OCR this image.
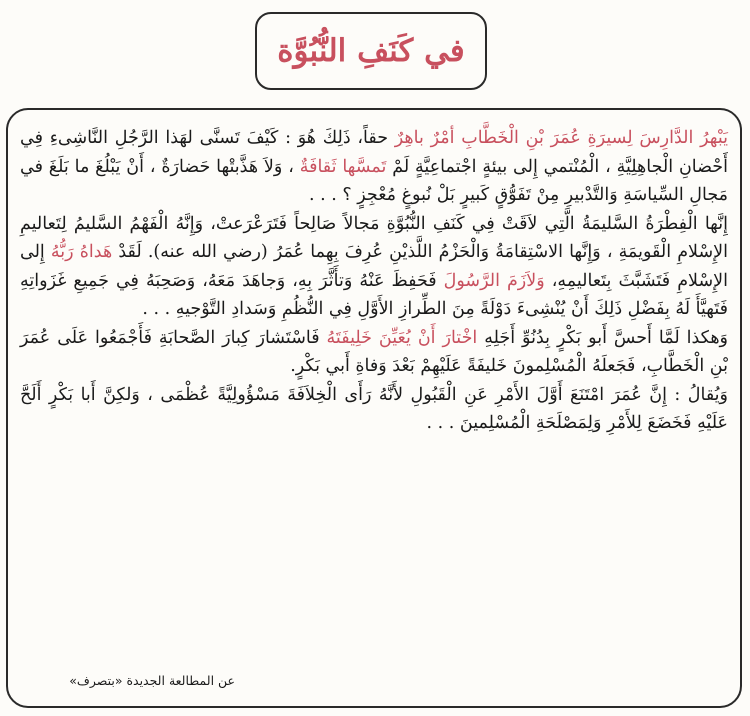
في كَنَفِ النُّبُوَّة

يَبْهرُ الدَّارِسَ لِسيرَةِ عُمَرَ بْنِ الْخَطَّابِ أمْرٌ باهِرٌ حقاً، ذَلِكَ هُوَ : كَيْفَ تَسنَّى لهَذا الرَّجُلِ النَّاشِىءِ فِي أَحْضانِ الْجاهِلِيَّةِ ، الْمُنْتمي إِلى بيئةٍ اجْتماعِيَّةٍ لَمْ تَمسَّها ثَقافَةٌ ، وَلاَ هَذَّبتْها حَضارَةٌ ، أَنْ يَبْلُغَ ما بَلَغَ في مَجالِ السِّياسَةِ وَالتَّدْبيرِ مِنْ تَفَوُّقٍ كَبيرٍ بَلْ نُبوغٍ مُعْجِزٍ ؟ . . .

إِنَّها الْفِطْرَةُ السَّليمَةُ الَّتِي لاَقَتْ فِي كَنَفِ النُّبُوَّةِ مَجالاً صَالِحاً فَتَرَعْرَعتْ، وَإِنَّهُ الْفَهْمُ السَّليمُ لِتَعاليمِ الإِسْلامِ الْقَويمَةِ ، وَإِنَّها الاسْتِقامَةُ وَالْحَزْمُ اللَّذيْنِ عُرِفَ بِهِما عُمَرُ (رضي الله عنه). لَقَدْ هَداهُ رَبُّهُ إِلى الإِسْلامِ فَتَشَبَّثَ بِتَعاليمِهِ، وَلاَزَمَ الرَّسُولَ فَحَفِظَ عَنْهُ وَتأَثَّرَ بِهِ، وَجاهَدَ مَعَهُ، وَصَحِبَهُ فِي جَمِيعِ غَزَواتِهِ فَتَهيَّأَ لَهُ بِفَضْلِ ذَلِكَ أَنْ يُنْشِىءَ دَوْلَةً مِنَ الطِّرازِ الأَوَّلِ فِي النُّظُمِ وَسَدادِ التَّوْجيهِ . . .

وَهكذا لَمَّا أَحسَّ أَبو بَكْرٍ بِدُنُوِّ أَجَلِهِ اخْتارَ أَنْ يُعَيِّنَ خَلِيفَتَهُ فَاسْتَشارَ كِبارَ الصَّحابَةِ فَأَجْمَعُوا عَلَى عُمَرَ بْنِ الْخَطَّابِ، فَجَعلَهُ الْمُسْلِمونَ خَليفَةً عَلَيْهِمْ بَعْدَ وَفاةِ أَبي بَكْرٍ.

وَيُقالُ : إِنَّ عُمَرَ امْتَنَعَ أَوَّلَ الأَمْرِ عَنِ الْقَبُولِ لأَنَّهُ رَأَى الْخِلاَفَةَ مَسْؤُولِيَّةً عُظْمَى ، وَلكِنَّ أَبا بَكْرٍ أَلَحَّ عَلَيْهِ فَخَضَعَ لِلأَمْرِ وَلِمَصْلَحَةِ الْمُسْلِمينَ . . .

عن المطالعة الجديدة «بتصرف»
